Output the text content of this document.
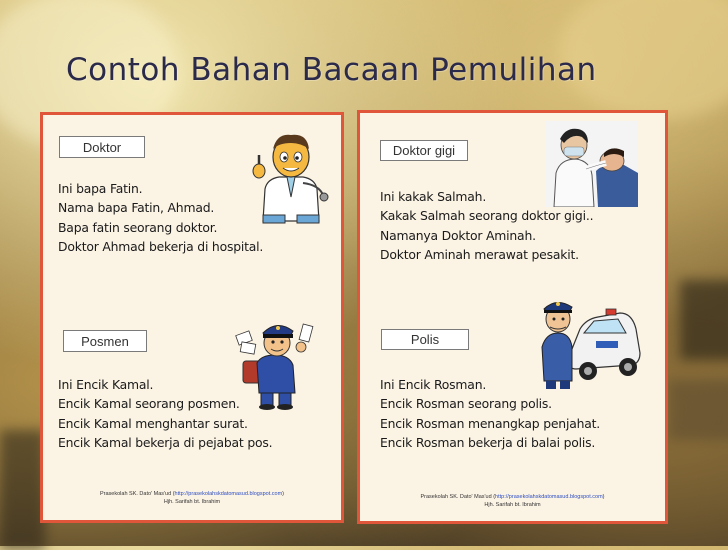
Contoh Bahan Bacaan Pemulihan
Doktor
Ini bapa Fatin.
Nama bapa Fatin, Ahmad.
Bapa fatin seorang doktor.
Doktor Ahmad bekerja di hospital.
Posmen
Ini Encik Kamal.
Encik Kamal seorang posmen.
Encik Kamal menghantar surat.
Encik Kamal bekerja di pejabat pos.
Prasekolah SK. Dato' Mas'ud (http://prasekolahskdatomasud.blogspot.com)
Hjh. Sarifah bt. Ibrahim
Doktor gigi
Ini kakak Salmah.
Kakak Salmah seorang doktor gigi..
Namanya Doktor Aminah.
Doktor Aminah merawat pesakit.
Polis
Ini Encik Rosman.
Encik Rosman seorang polis.
Encik Rosman menangkap penjahat.
Encik Rosman bekerja di balai polis.
Prasekolah SK. Dato' Mas'ud (http://prasekolahskdatomasud.blogspot.com)
Hjh. Sarifah bt. Ibrahim
